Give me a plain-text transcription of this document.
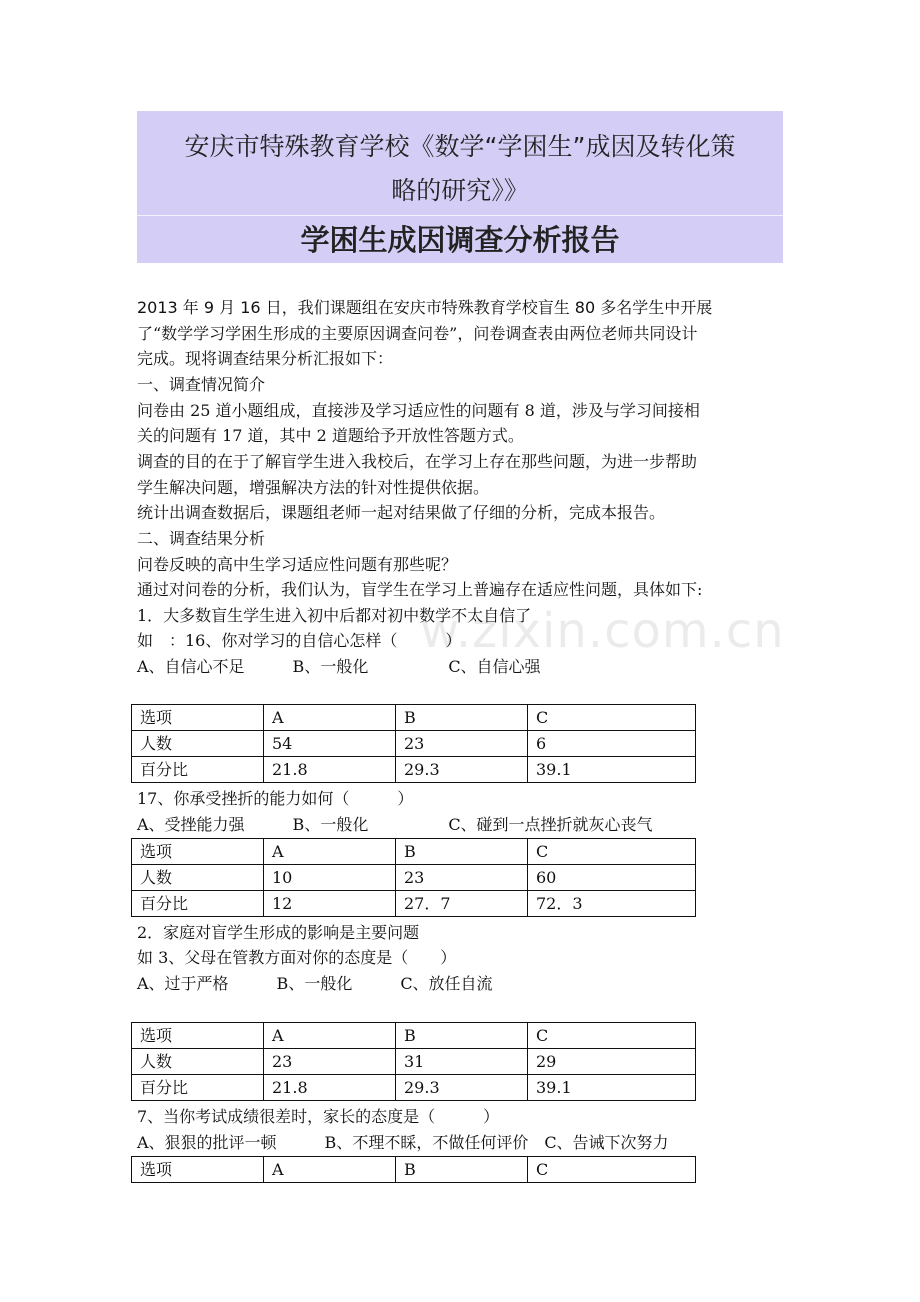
安庆市特殊教育学校《数学“学困生”成因及转化策
略的研究》》
学困生成因调查分析报告
2013 年 9 月 16 日，我们课题组在安庆市特殊教育学校盲生 80 多名学生中开展
了“数学学习学困生形成的主要原因调查问卷”，问卷调查表由两位老师共同设计
完成。现将调查结果分析汇报如下：
一、调查情况简介
问卷由 25 道小题组成，直接涉及学习适应性的问题有 8 道，涉及与学习间接相
关的问题有 17 道，其中 2 道题给予开放性答题方式。
调查的目的在于了解盲学生进入我校后，在学习上存在那些问题，为进一步帮助
学生解决问题，增强解决方法的针对性提供依据。
统计出调查数据后，课题组老师一起对结果做了仔细的分析，完成本报告。
二、调查结果分析
问卷反映的高中生学习适应性问题有那些呢？
通过对问卷的分析，我们认为，盲学生在学习上普遍存在适应性问题，具体如下:
1．大多数盲生学生进入初中后都对初中数学不太自信了
如　：16、你对学习的自信心怎样（　　　）
A、自信心不足　　　B、一般化　　　　　C、自信心强
w.zixin.com.cn
选项	A	B	C
人数	54	23	6
百分比	21.8	29.3	39.1
17、你承受挫折的能力如何（　　　）
A、受挫能力强　　　B、一般化　　　　　C、碰到一点挫折就灰心丧气
选项	A	B	C
人数	10	23	60
百分比	12	27．7	72．3
2．家庭对盲学生形成的影响是主要问题
如 3、父母在管教方面对你的态度是（　　）
A、过于严格　　　B、一般化　　　C、放任自流
选项	A	B	C
人数	23	31	29
百分比	21.8	29.3	39.1
7、当你考试成绩很差时，家长的态度是（　　　）
A、狠狠的批评一顿　　　B、不理不睬，不做任何评价　C、告诫下次努力
选项	A	B	C
